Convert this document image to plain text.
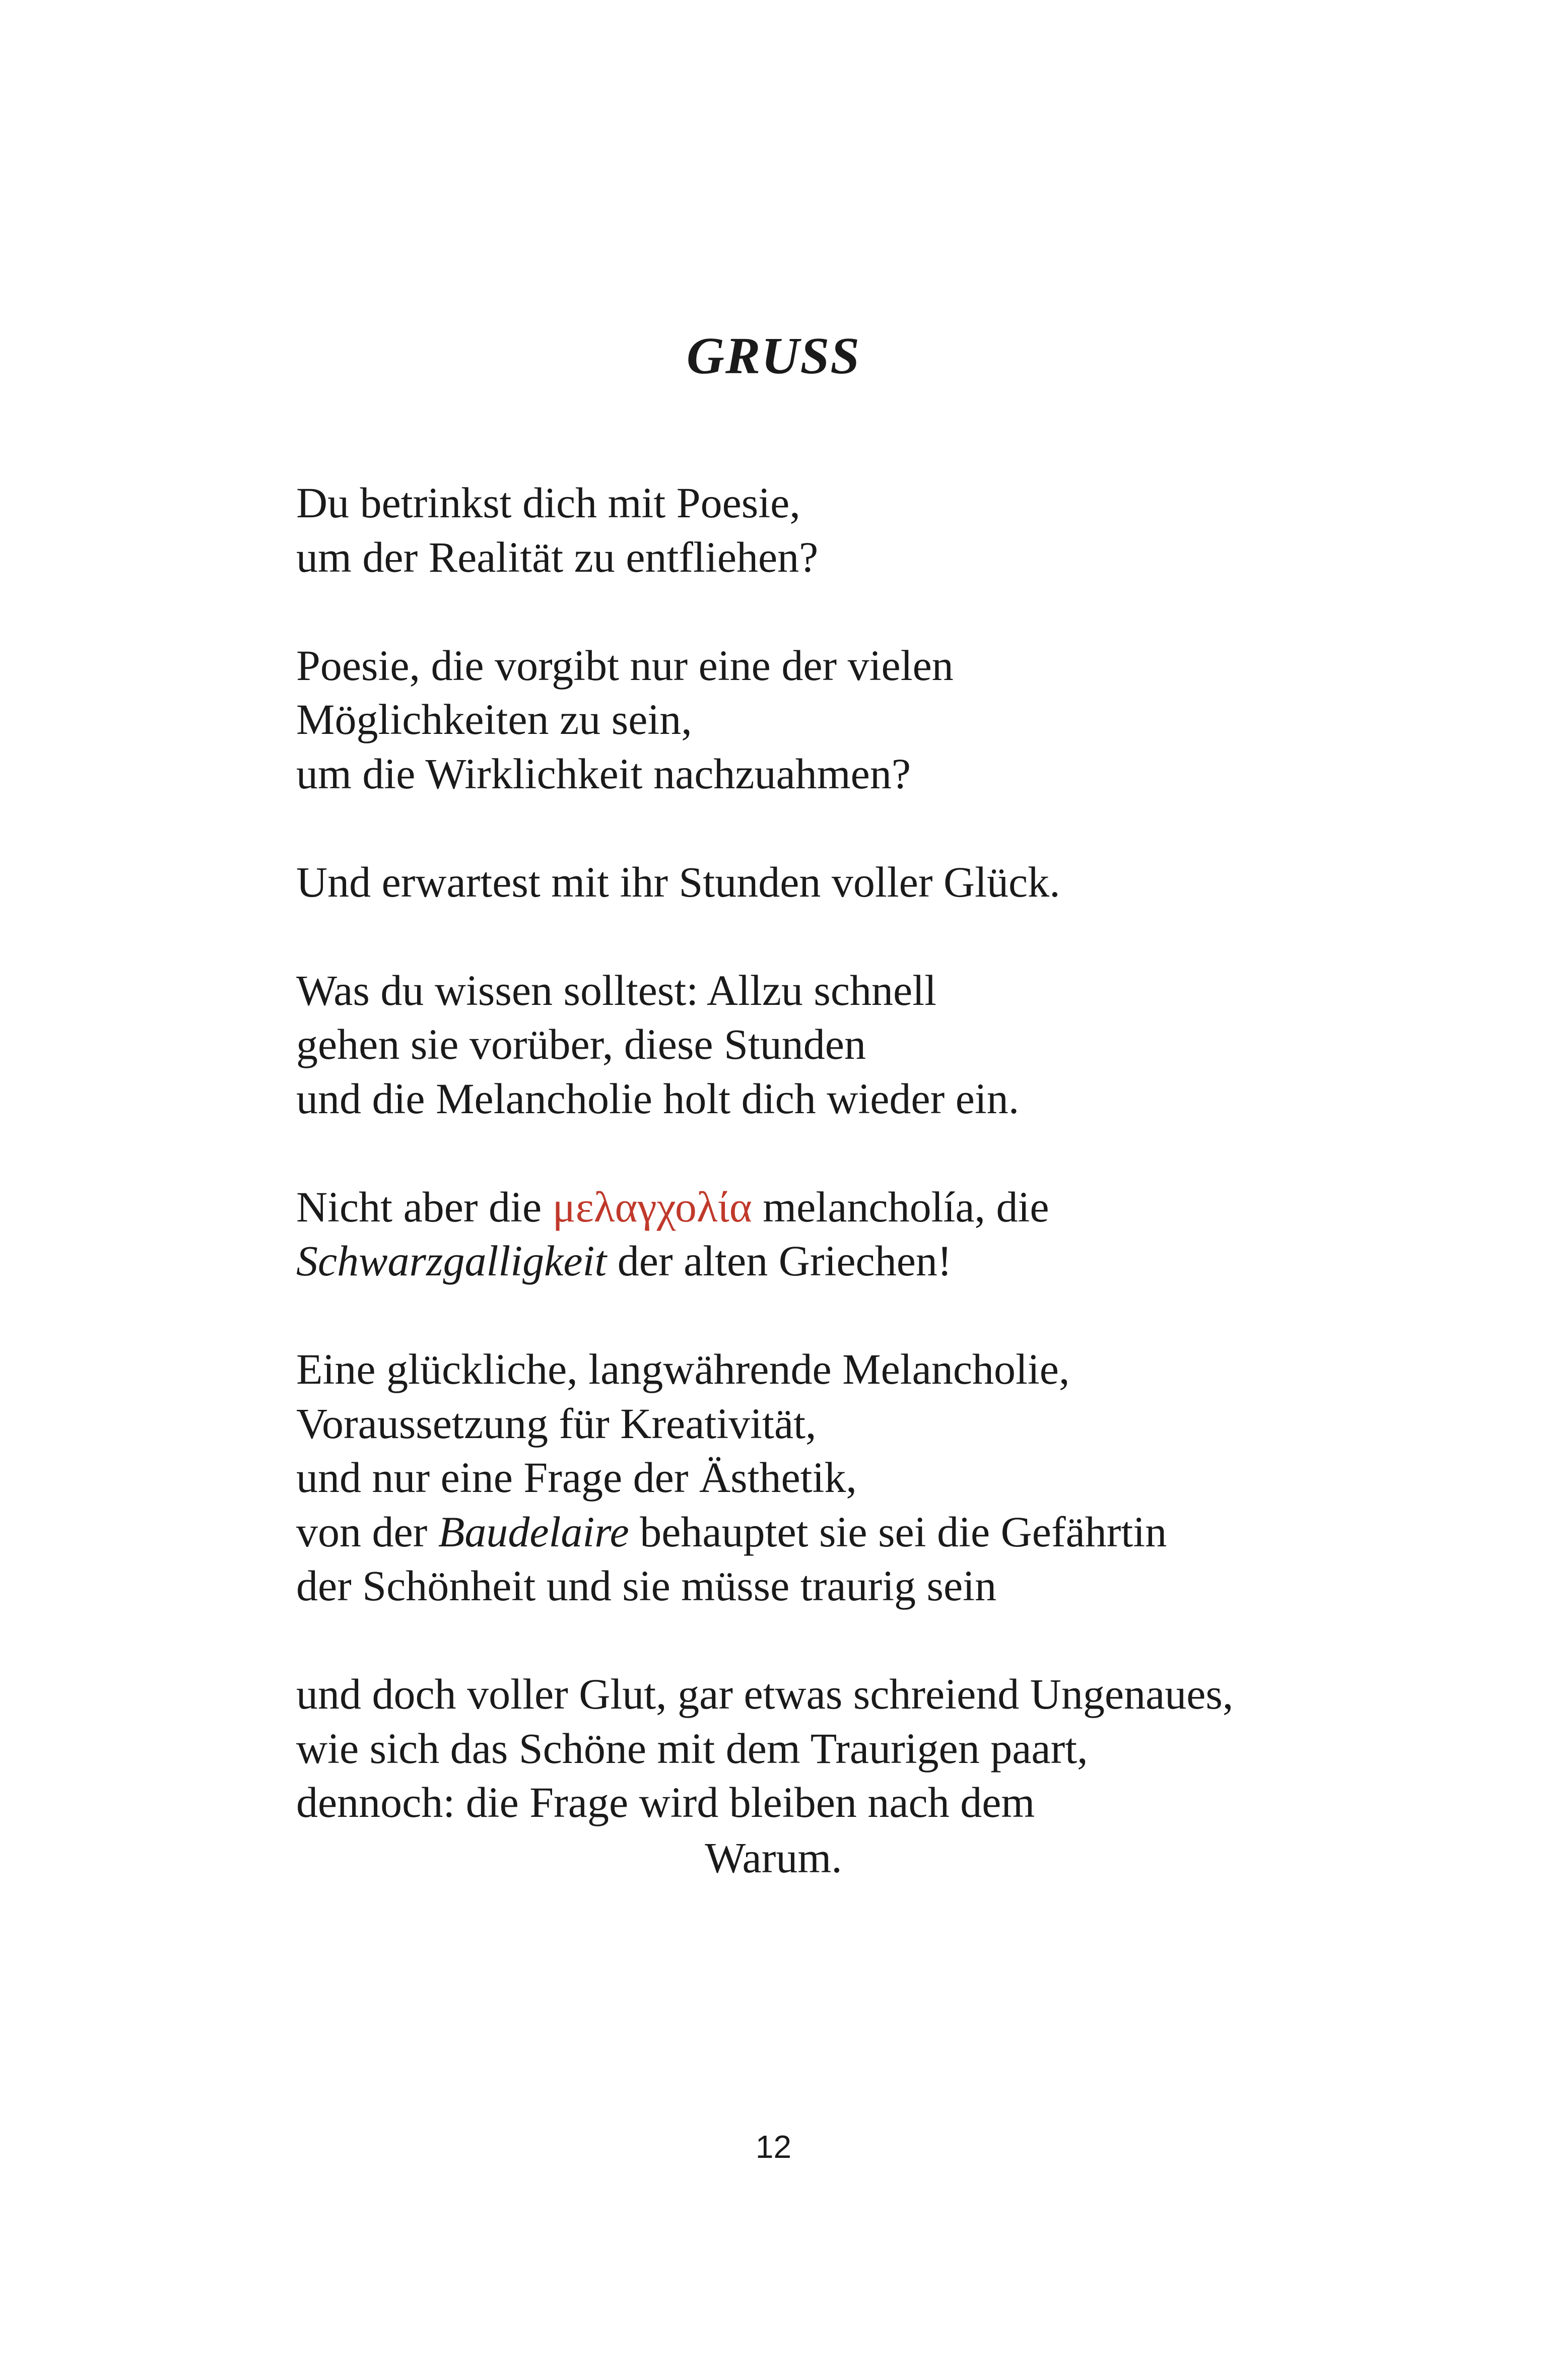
GRUSS
Du betrinkst dich mit Poesie,
um der Realität zu entfliehen?
Poesie, die vorgibt nur eine der vielen
Möglichkeiten zu sein,
um die Wirklichkeit nachzuahmen?
Und erwartest mit ihr Stunden voller Glück.
Was du wissen solltest: Allzu schnell
gehen sie vorüber, diese Stunden
und die Melancholie holt dich wieder ein.
Nicht aber die μελαγχολία melancholía, die
Schwarzgalligkeit der alten Griechen!
Eine glückliche, langwährende Melancholie,
Voraussetzung für Kreativität,
und nur eine Frage der Ästhetik,
von der Baudelaire behauptet sie sei die Gefährtin
der Schönheit und sie müsse traurig sein
und doch voller Glut, gar etwas schreiend Ungenaues,
wie sich das Schöne mit dem Traurigen paart,
dennoch: die Frage wird bleiben nach dem
Warum.
12
